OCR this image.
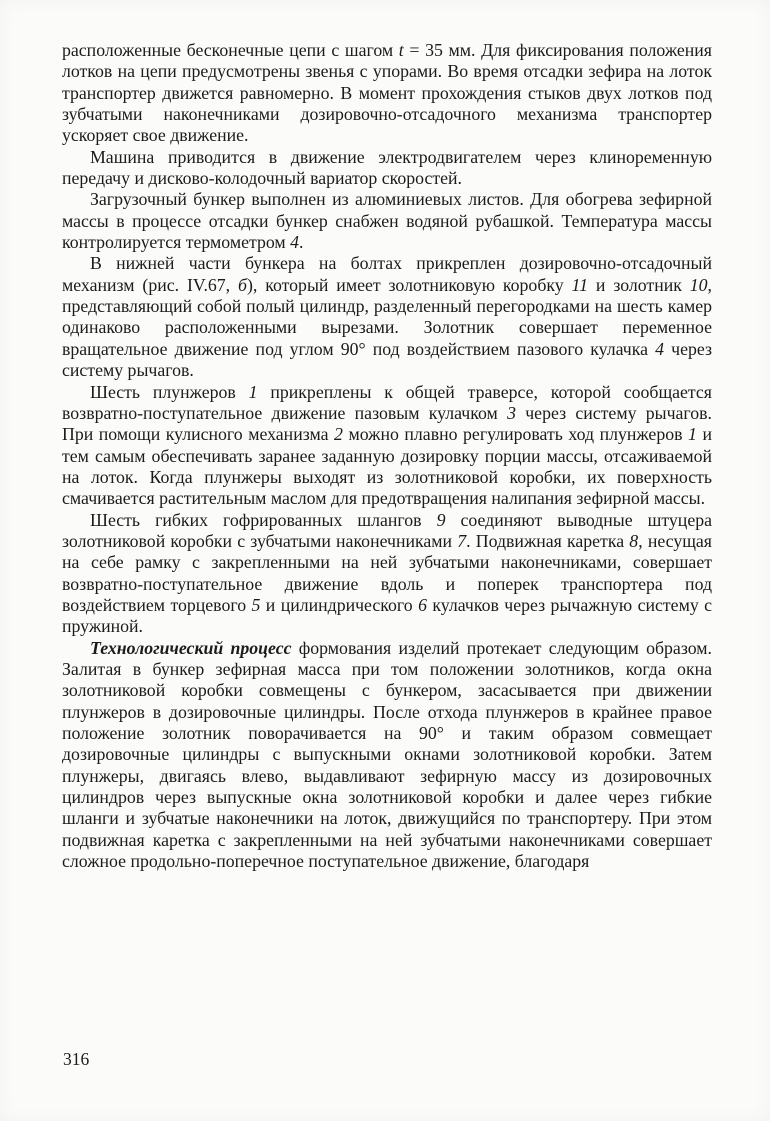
расположенные бесконечные цепи с шагом t = 35 мм. Для фиксирования положения лотков на цепи предусмотрены звенья с упорами. Во время отсадки зефира на лоток транспортер движется равномерно. В момент прохождения стыков двух лотков под зубчатыми наконечниками дозировочно-отсадочного механизма транспортер ускоряет свое движение.

Машина приводится в движение электродвигателем через клиноременную передачу и дисково-колодочный вариатор скоростей.

Загрузочный бункер выполнен из алюминиевых листов. Для обогрева зефирной массы в процессе отсадки бункер снабжен водяной рубашкой. Температура массы контролируется термометром 4.

В нижней части бункера на болтах прикреплен дозировочно-отсадочный механизм (рис. IV.67, б), который имеет золотниковую коробку 11 и золотник 10, представляющий собой полый цилиндр, разделенный перегородками на шесть камер одинаково расположенными вырезами. Золотник совершает переменное вращательное движение под углом 90° под воздействием пазового кулачка 4 через систему рычагов.

Шесть плунжеров 1 прикреплены к общей траверсе, которой сообщается возвратно-поступательное движение пазовым кулачком 3 через систему рычагов. При помощи кулисного механизма 2 можно плавно регулировать ход плунжеров 1 и тем самым обеспечивать заранее заданную дозировку порции массы, отсаживаемой на лоток. Когда плунжеры выходят из золотниковой коробки, их поверхность смачивается растительным маслом для предотвращения налипания зефирной массы.

Шесть гибких гофрированных шлангов 9 соединяют выводные штуцера золотниковой коробки с зубчатыми наконечниками 7. Подвижная каретка 8, несущая на себе рамку с закрепленными на ней зубчатыми наконечниками, совершает возвратно-поступательное движение вдоль и поперек транспортера под воздействием торцевого 5 и цилиндрического 6 кулачков через рычажную систему с пружиной.

Технологический процесс формования изделий протекает следующим образом. Залитая в бункер зефирная масса при том положении золотников, когда окна золотниковой коробки совмещены с бункером, засасывается при движении плунжеров в дозировочные цилиндры. После отхода плунжеров в крайнее правое положение золотник поворачивается на 90° и таким образом совмещает дозировочные цилиндры с выпускными окнами золотниковой коробки. Затем плунжеры, двигаясь влево, выдавливают зефирную массу из дозировочных цилиндров через выпускные окна золотниковой коробки и далее через гибкие шланги и зубчатые наконечники на лоток, движущийся по транспортеру. При этом подвижная каретка с закрепленными на ней зубчатыми наконечниками совершает сложное продольно-поперечное поступательное движение, благодаря

316
